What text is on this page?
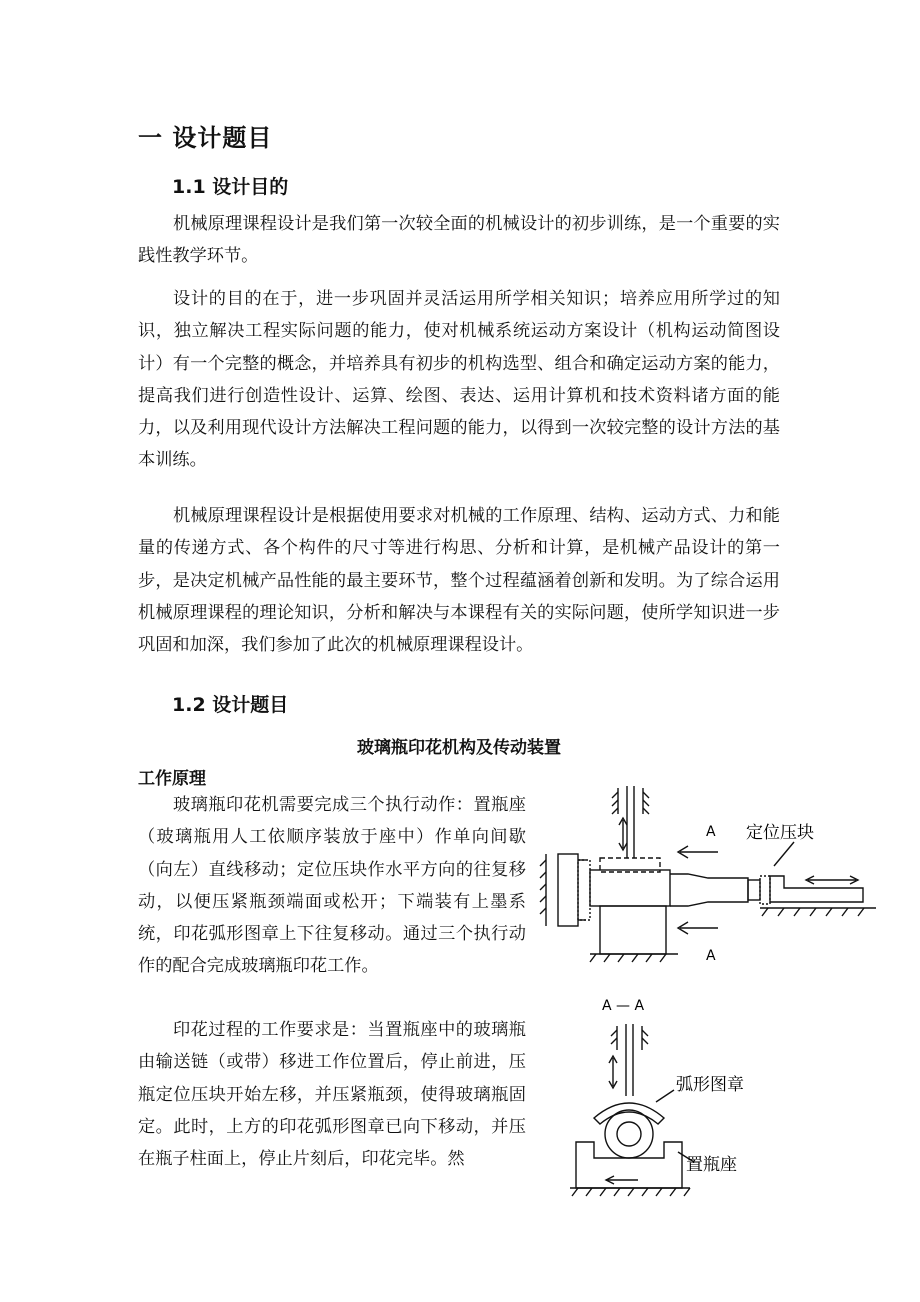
一 设计题目
1.1 设计目的

机械原理课程设计是我们第一次较全面的机械设计的初步训练，是一个重要的实践性教学环节。

设计的目的在于，进一步巩固并灵活运用所学相关知识；培养应用所学过的知识，独立解决工程实际问题的能力，使对机械系统运动方案设计（机构运动简图设计）有一个完整的概念，并培养具有初步的机构选型、组合和确定运动方案的能力，提高我们进行创造性设计、运算、绘图、表达、运用计算机和技术资料诸方面的能力，以及利用现代设计方法解决工程问题的能力，以得到一次较完整的设计方法的基本训练。

机械原理课程设计是根据使用要求对机械的工作原理、结构、运动方式、力和能量的传递方式、各个构件的尺寸等进行构思、分析和计算，是机械产品设计的第一步，是决定机械产品性能的最主要环节，整个过程蕴涵着创新和发明。为了综合运用机械原理课程的理论知识，分析和解决与本课程有关的实际问题，使所学知识进一步巩固和加深，我们参加了此次的机械原理课程设计。

1.2 设计题目
玻璃瓶印花机构及传动装置
工作原理

玻璃瓶印花机需要完成三个执行动作：置瓶座（玻璃瓶用人工依顺序装放于座中）作单向间歇（向左）直线移动；定位压块作水平方向的往复移动，以便压紧瓶颈端面或松开；下端装有上墨系统，印花弧形图章上下往复移动。通过三个执行动作的配合完成玻璃瓶印花工作。

印花过程的工作要求是：当置瓶座中的玻璃瓶由输送链（或带）移进工作位置后，停止前进，压瓶定位压块开始左移，并压紧瓶颈，使得玻璃瓶固定。此时，上方的印花弧形图章已向下移动，并压在瓶子柱面上，停止片刻后，印花完毕。然

A
A
定位压块
A — A
弧形图章
置瓶座
